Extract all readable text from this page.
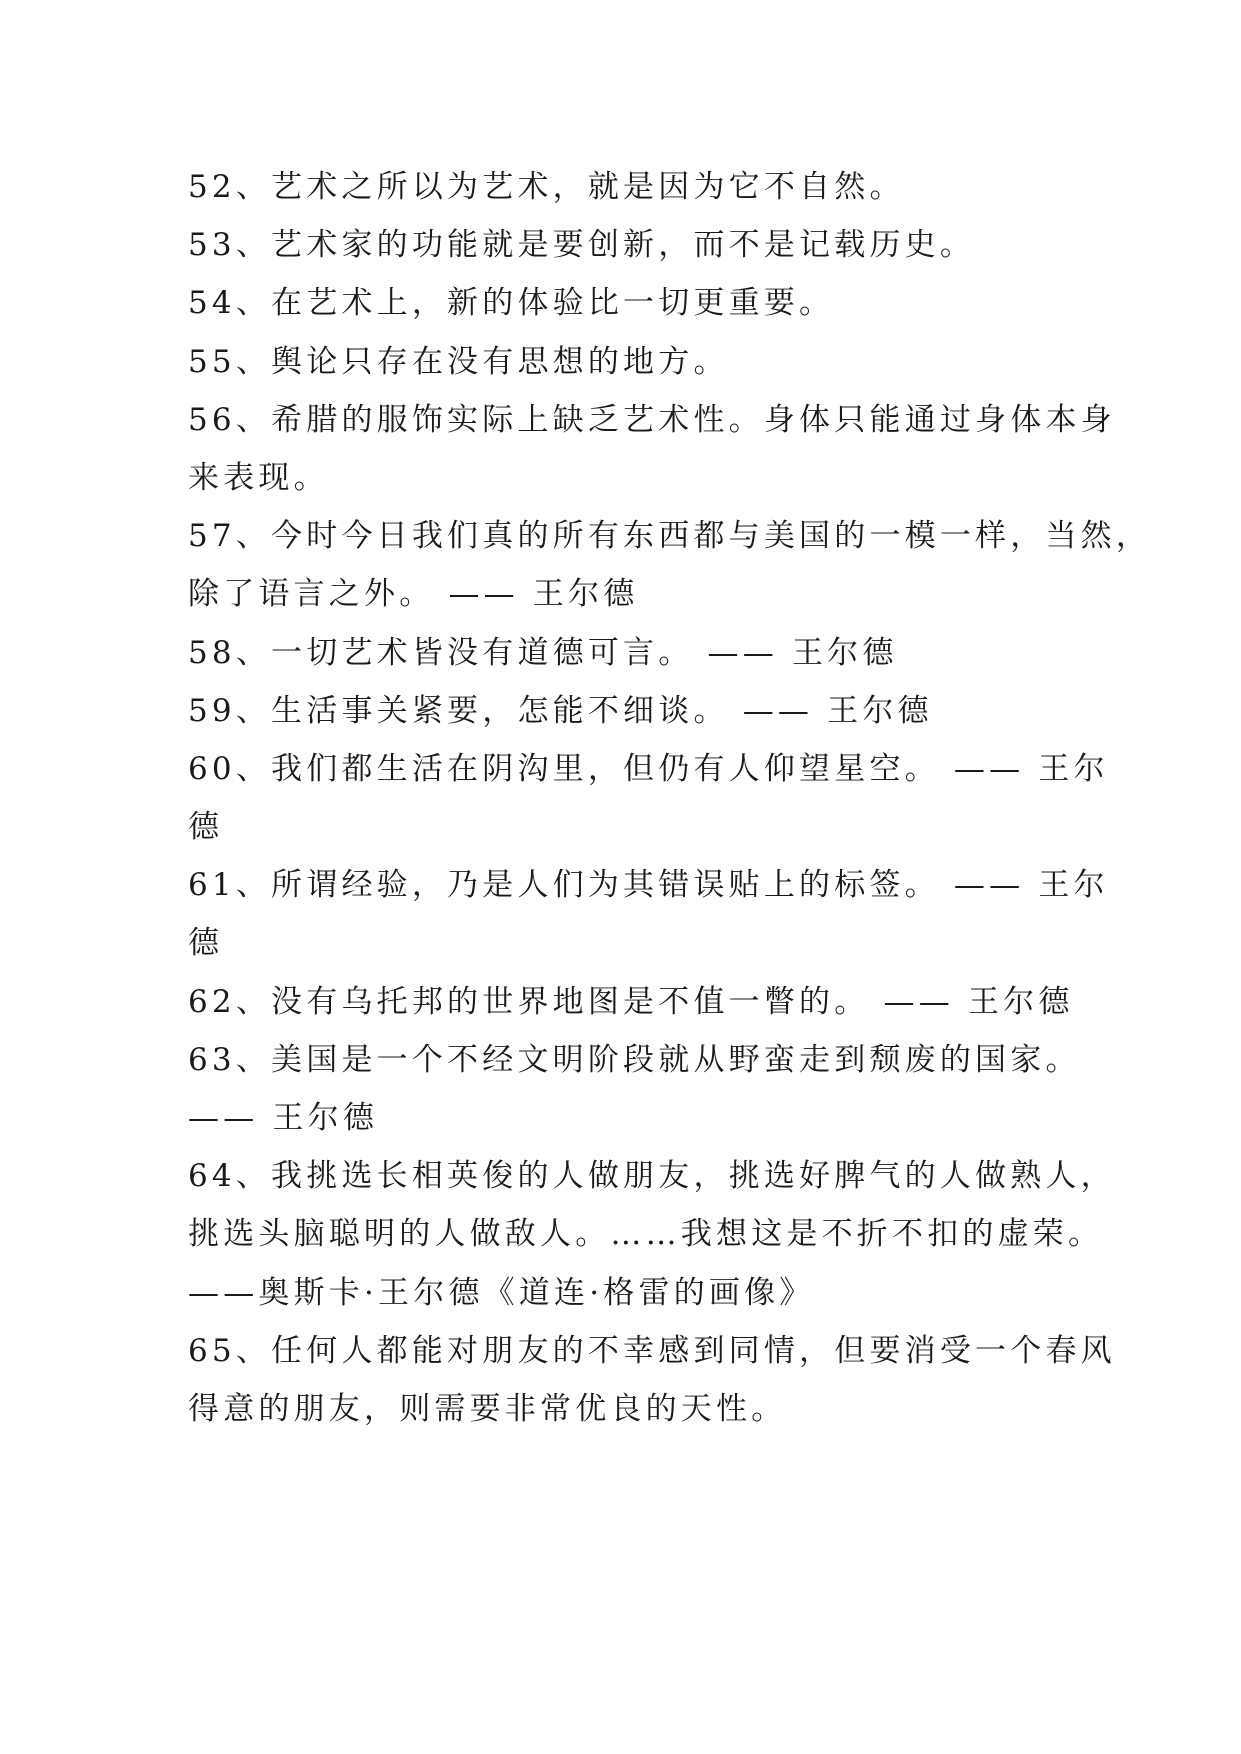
52、艺术之所以为艺术，就是因为它不自然。
53、艺术家的功能就是要创新，而不是记载历史。
54、在艺术上，新的体验比一切更重要。
55、舆论只存在没有思想的地方。
56、希腊的服饰实际上缺乏艺术性。身体只能通过身体本身
来表现。
57、今时今日我们真的所有东西都与美国的一模一样，当然，
除了语言之外。 —— 王尔德
58、一切艺术皆没有道德可言。 —— 王尔德
59、生活事关紧要，怎能不细谈。 —— 王尔德
60、我们都生活在阴沟里，但仍有人仰望星空。 —— 王尔
德
61、所谓经验，乃是人们为其错误贴上的标签。 —— 王尔
德
62、没有乌托邦的世界地图是不值一瞥的。 —— 王尔德
63、美国是一个不经文明阶段就从野蛮走到颓废的国家。
—— 王尔德
64、我挑选长相英俊的人做朋友，挑选好脾气的人做熟人，
挑选头脑聪明的人做敌人。……我想这是不折不扣的虚荣。
——奥斯卡·王尔德《道连·格雷的画像》
65、任何人都能对朋友的不幸感到同情，但要消受一个春风
得意的朋友，则需要非常优良的天性。
